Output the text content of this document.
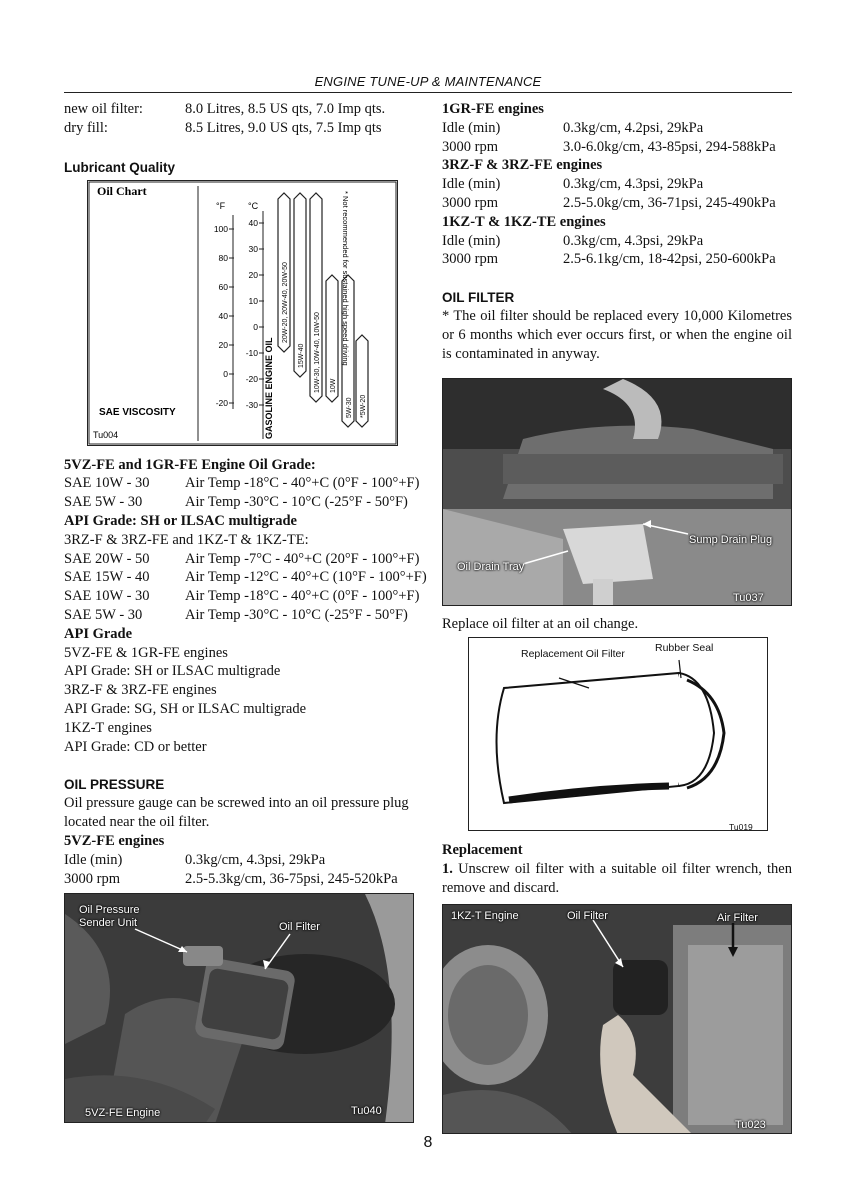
ENGINE TUNE-UP & MAINTENANCE
new oil filter:	8.0 Litres, 8.5 US qts, 7.0 Imp qts.
dry fill:	8.5 Litres, 9.0 US qts, 7.5 Imp qts
Lubricant Quality
Oil Chart
°F	°C
100
80
60
40
20
0
-20
40
30
20
10
0
-10
-20
-30 GASOLINE ENGINE OIL
20W-20, 20W-40, 20W-50
15W-40 10W-30, 10W-40, 10W-50 10W
5W-30 *5W-20
* Not recommended for sustained high speed driving
SAE VISCOSITY
Tu004
5VZ-FE and 1GR-FE Engine Oil Grade:
SAE 10W - 30	Air Temp -18°C - 40°+C (0°F - 100°+F)
SAE 5W - 30	Air Temp -30°C - 10°C (-25°F - 50°F)
API Grade: SH or ILSAC multigrade
3RZ-F & 3RZ-FE and 1KZ-T & 1KZ-TE:
SAE 20W - 50	Air Temp -7°C - 40°+C (20°F - 100°+F)
SAE 15W - 40	Air Temp -12°C - 40°+C (10°F - 100°+F)
SAE 10W - 30	Air Temp -18°C - 40°+C (0°F - 100°+F)
SAE 5W - 30	Air Temp -30°C - 10°C (-25°F - 50°F)
API Grade
5VZ-FE & 1GR-FE engines
API Grade: SH or ILSAC multigrade
3RZ-F & 3RZ-FE engines
API Grade: SG, SH or ILSAC multigrade
1KZ-T engines
API Grade: CD or better
OIL PRESSURE
Oil pressure gauge can be screwed into an oil pressure plug located near the oil filter.
5VZ-FE engines
Idle (min)	0.3kg/cm, 4.3psi, 29kPa
3000 rpm	2.5-5.3kg/cm, 36-75psi, 245-520kPa
Oil Pressure Sender Unit	Oil Filter
5VZ-FE Engine	Tu040
1GR-FE engines
Idle (min)	0.3kg/cm, 4.2psi, 29kPa
3000 rpm	3.0-6.0kg/cm, 43-85psi, 294-588kPa
3RZ-F & 3RZ-FE engines
Idle (min)	0.3kg/cm, 4.3psi, 29kPa
3000 rpm	2.5-5.0kg/cm, 36-71psi, 245-490kPa
1KZ-T & 1KZ-TE engines
Idle (min)	0.3kg/cm, 4.3psi, 29kPa
3000 rpm	2.5-6.1kg/cm, 18-42psi, 250-600kPa
OIL FILTER
* The oil filter should be replaced every 10,000 Kilometres or 6 months which ever occurs first, or when the engine oil is contaminated in anyway.
Sump Drain Plug
Oil Drain Tray
Tu037
Replace oil filter at an oil change.
Replacement Oil Filter	Rubber Seal
Tu019
Replacement
1. Unscrew oil filter with a suitable oil filter wrench, then remove and discard.
1KZ-T Engine	Oil Filter	Air Filter
Tu023
8
